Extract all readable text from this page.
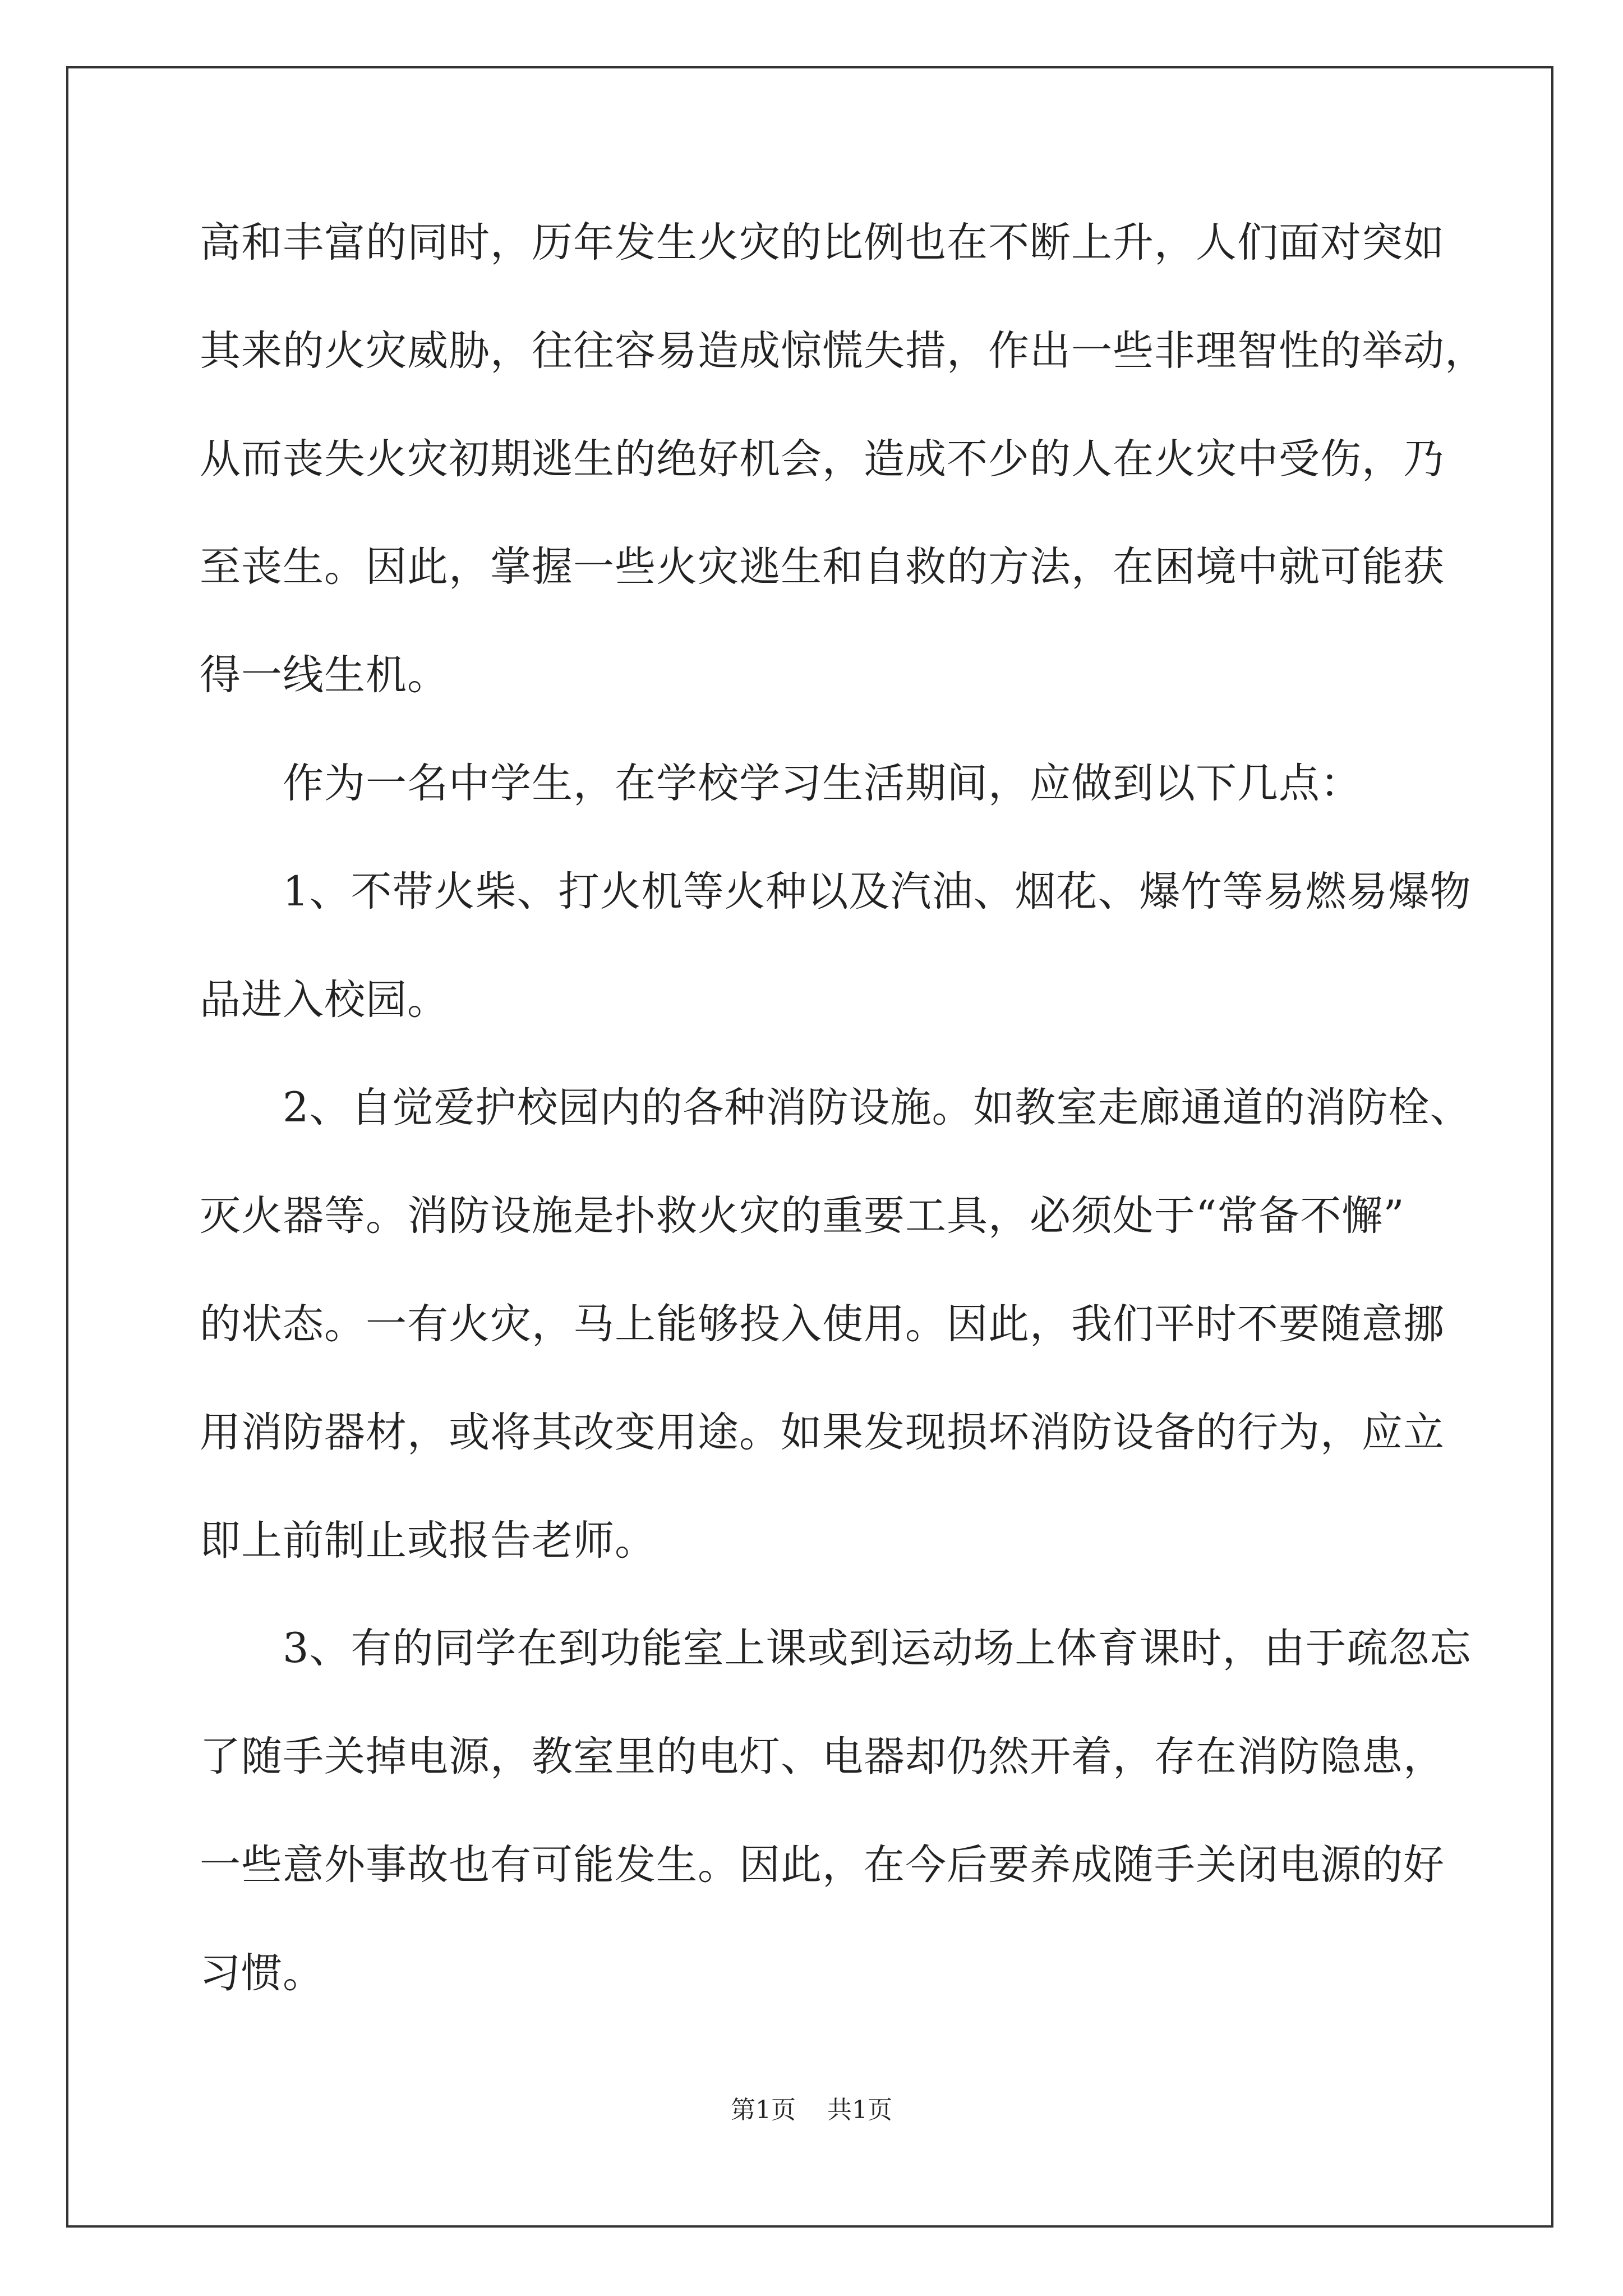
高和丰富的同时，历年发生火灾的比例也在不断上升，人们面对突如
其来的火灾威胁，往往容易造成惊慌失措，作出一些非理智性的举动，
从而丧失火灾初期逃生的绝好机会，造成不少的人在火灾中受伤，乃
至丧生。因此，掌握一些火灾逃生和自救的方法，在困境中就可能获
得一线生机。
　　作为一名中学生，在学校学习生活期间，应做到以下几点：
　　1、不带火柴、打火机等火种以及汽油、烟花、爆竹等易燃易爆物
品进入校园。
　　2、自觉爱护校园内的各种消防设施。如教室走廊通道的消防栓、
灭火器等。消防设施是扑救火灾的重要工具，必须处于“常备不懈”
的状态。一有火灾，马上能够投入使用。因此，我们平时不要随意挪
用消防器材，或将其改变用途。如果发现损坏消防设备的行为，应立
即上前制止或报告老师。
　　3、有的同学在到功能室上课或到运动场上体育课时，由于疏忽忘
了随手关掉电源，教室里的电灯、电器却仍然开着，存在消防隐患，
一些意外事故也有可能发生。因此，在今后要养成随手关闭电源的好
习惯。
第1页 共1页
